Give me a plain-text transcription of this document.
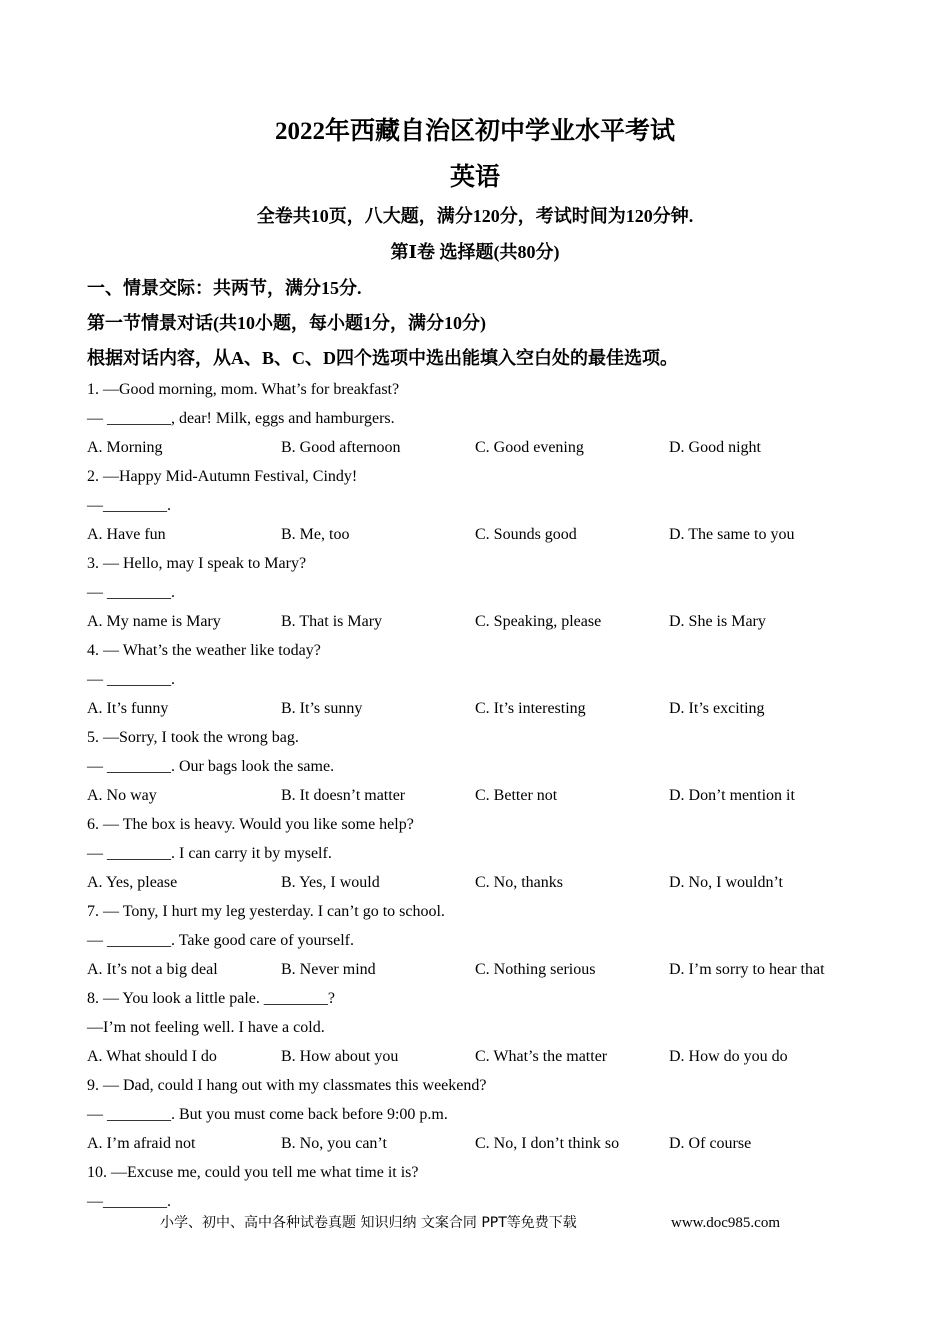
2022年西藏自治区初中学业水平考试
英语
全卷共10页，八大题，满分120分，考试时间为120分钟.
第Ⅰ卷 选择题(共80分)
一、情景交际：共两节，满分15分.
第一节情景对话(共10小题，每小题1分，满分10分)
根据对话内容，从A、B、C、D四个选项中选出能填入空白处的最佳选项。
1. —Good morning, mom. What’s for breakfast?
— ________, dear! Milk, eggs and hamburgers.
A. Morning	B. Good afternoon	C. Good evening	D. Good night
2. —Happy Mid-Autumn Festival, Cindy!
—________.
A. Have fun	B. Me, too	C. Sounds good	D. The same to you
3. — Hello, may I speak to Mary?
— ________.
A. My name is Mary	B. That is Mary	C. Speaking, please	D. She is Mary
4. — What’s the weather like today?
— ________.
A. It’s funny	B. It’s sunny	C. It’s interesting	D. It’s exciting
5. —Sorry, I took the wrong bag.
— ________. Our bags look the same.
A. No way	B. It doesn’t matter	C. Better not	D. Don’t mention it
6. — The box is heavy. Would you like some help?
— ________. I can carry it by myself.
A. Yes, please	B. Yes, I would	C. No, thanks	D. No, I wouldn’t
7. — Tony, I hurt my leg yesterday. I can’t go to school.
— ________. Take good care of yourself.
A. It’s not a big deal	B. Never mind	C. Nothing serious	D. I’m sorry to hear that
8. — You look a little pale. ________?
—I’m not feeling well. I have a cold.
A. What should I do	B. How about you	C. What’s the matter	D. How do you do
9. — Dad, could I hang out with my classmates this weekend?
— ________. But you must come back before 9:00 p.m.
A. I’m afraid not	B. No, you can’t	C. No, I don’t think so	D. Of course
10. —Excuse me, could you tell me what time it is?
—________.
小学、初中、高中各种试卷真题 知识归纳 文案合同 PPT等免费下载	www.doc985.com
